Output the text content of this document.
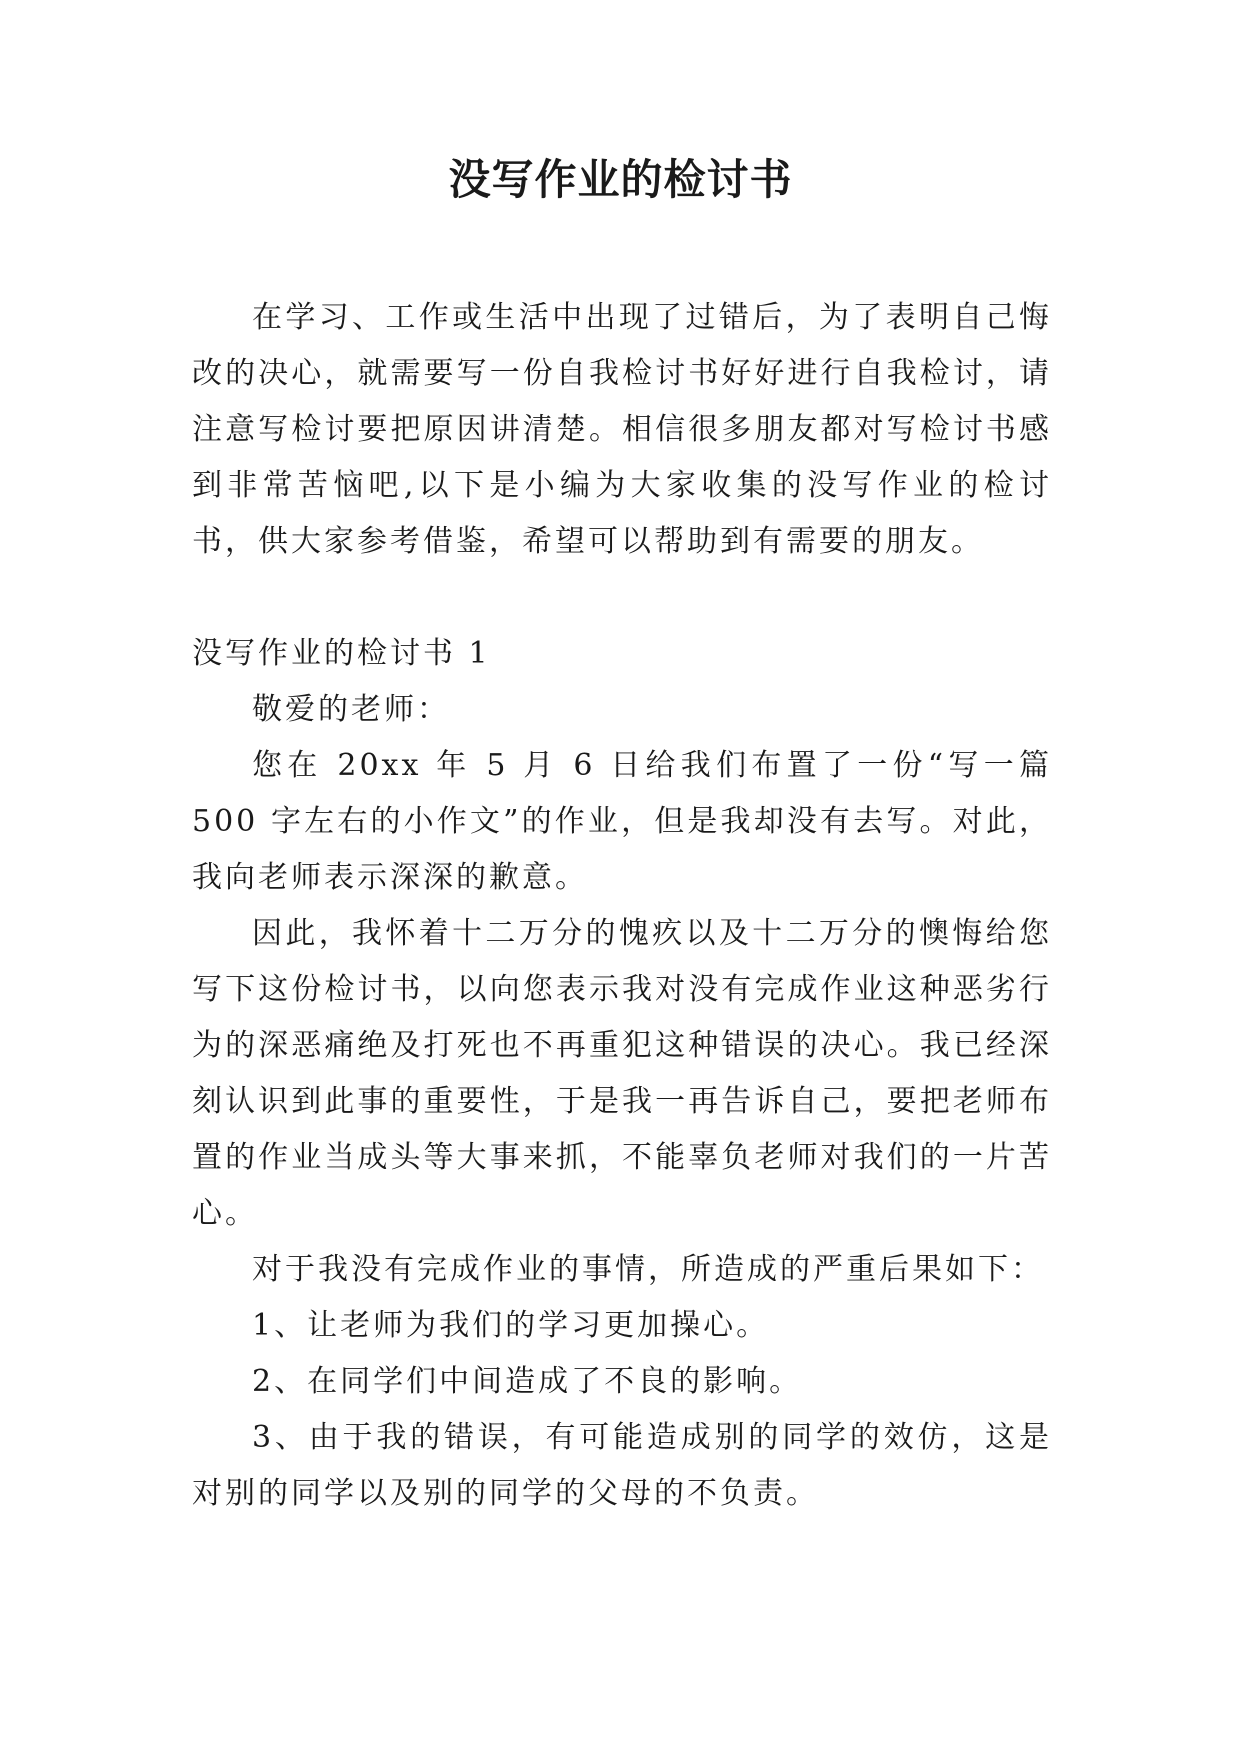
没写作业的检讨书

在学习、工作或生活中出现了过错后，为了表明自己悔改的决心，就需要写一份自我检讨书好好进行自我检讨，请注意写检讨要把原因讲清楚。相信很多朋友都对写检讨书感到非常苦恼吧,以下是小编为大家收集的没写作业的检讨书，供大家参考借鉴，希望可以帮助到有需要的朋友。

没写作业的检讨书 1

敬爱的老师：

您在 20xx 年 5 月 6 日给我们布置了一份“写一篇 500 字左右的小作文”的作业，但是我却没有去写。对此，我向老师表示深深的歉意。

因此，我怀着十二万分的愧疚以及十二万分的懊悔给您写下这份检讨书，以向您表示我对没有完成作业这种恶劣行为的深恶痛绝及打死也不再重犯这种错误的决心。我已经深刻认识到此事的重要性，于是我一再告诉自己，要把老师布置的作业当成头等大事来抓，不能辜负老师对我们的一片苦心。

对于我没有完成作业的事情，所造成的严重后果如下：

1、让老师为我们的学习更加操心。

2、在同学们中间造成了不良的影响。

3、由于我的错误，有可能造成别的同学的效仿，这是对别的同学以及别的同学的父母的不负责。
